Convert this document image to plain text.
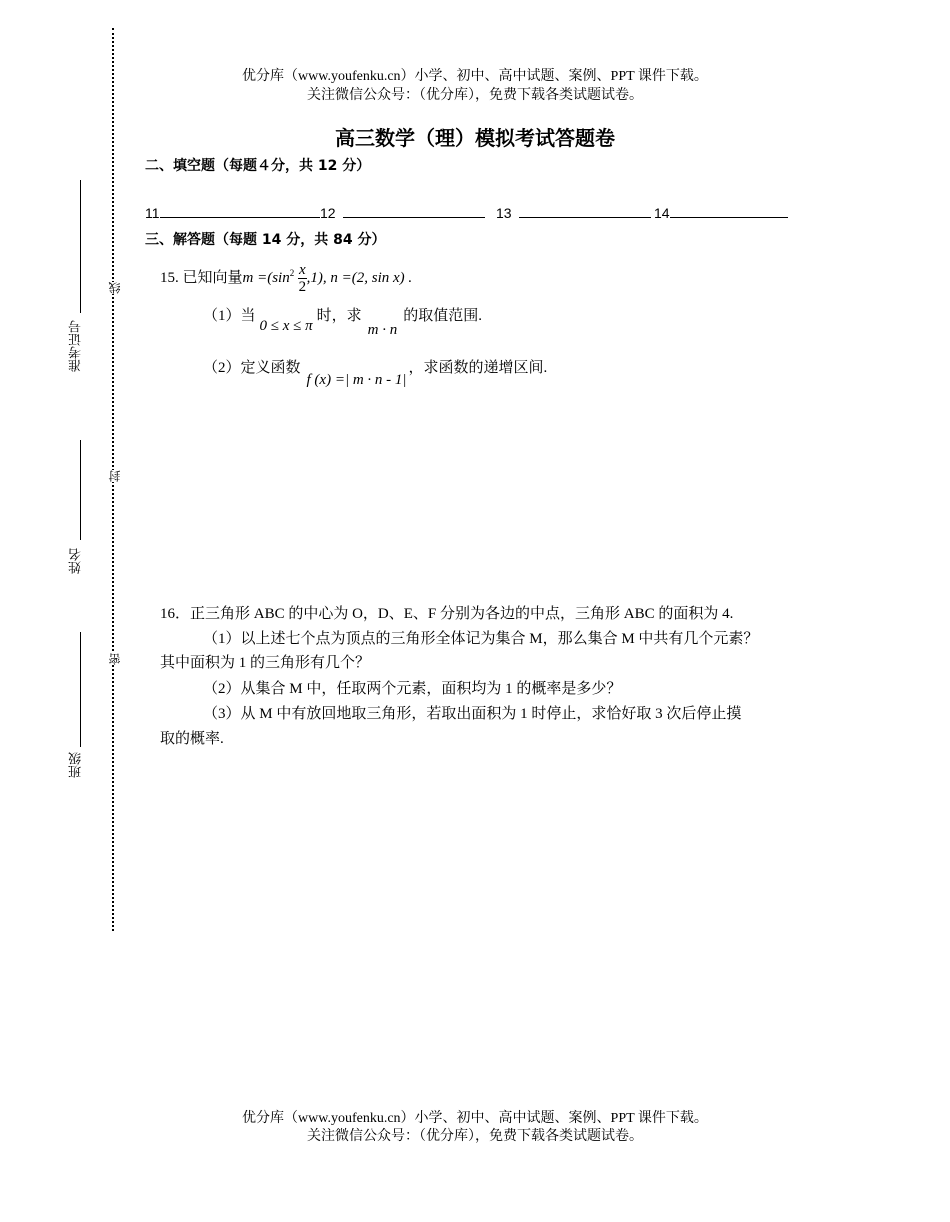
优分库（www.youfenku.cn）小学、初中、高中试题、案例、PPT 课件下载。
关注微信公众号：（优分库），免费下载各类试题试卷。
高三数学（理）模拟考试答题卷
二、填空题（每题４分，共 12 分）
11	12	13	14
三、解答题（每题 14 分，共 84 分）
15. 已知向量$m =(\sin^2 \frac{x}{2} ,1)$, n =(2, sin x) .
（1）当0 ≤ x ≤ π时，求m · n的取值范围.
（2）定义函数f (x) =| m · n - 1|，求函数的递增区间.
16．正三角形 ABC 的中心为 O，D、E、F 分别为各边的中点，三角形 ABC 的面积为 4.
（1）以上述七个点为顶点的三角形全体记为集合 M，那么集合 M 中共有几个元素？
其中面积为 1 的三角形有几个？
（2）从集合 M 中，任取两个元素，面积均为 1 的概率是多少？
（3）从 M 中有放回地取三角形，若取出面积为 1 时停止，求恰好取 3 次后停止摸
取的概率.
准考证号
姓名
班级
线
封
密
优分库（www.youfenku.cn）小学、初中、高中试题、案例、PPT 课件下载。
关注微信公众号：（优分库），免费下载各类试题试卷。
